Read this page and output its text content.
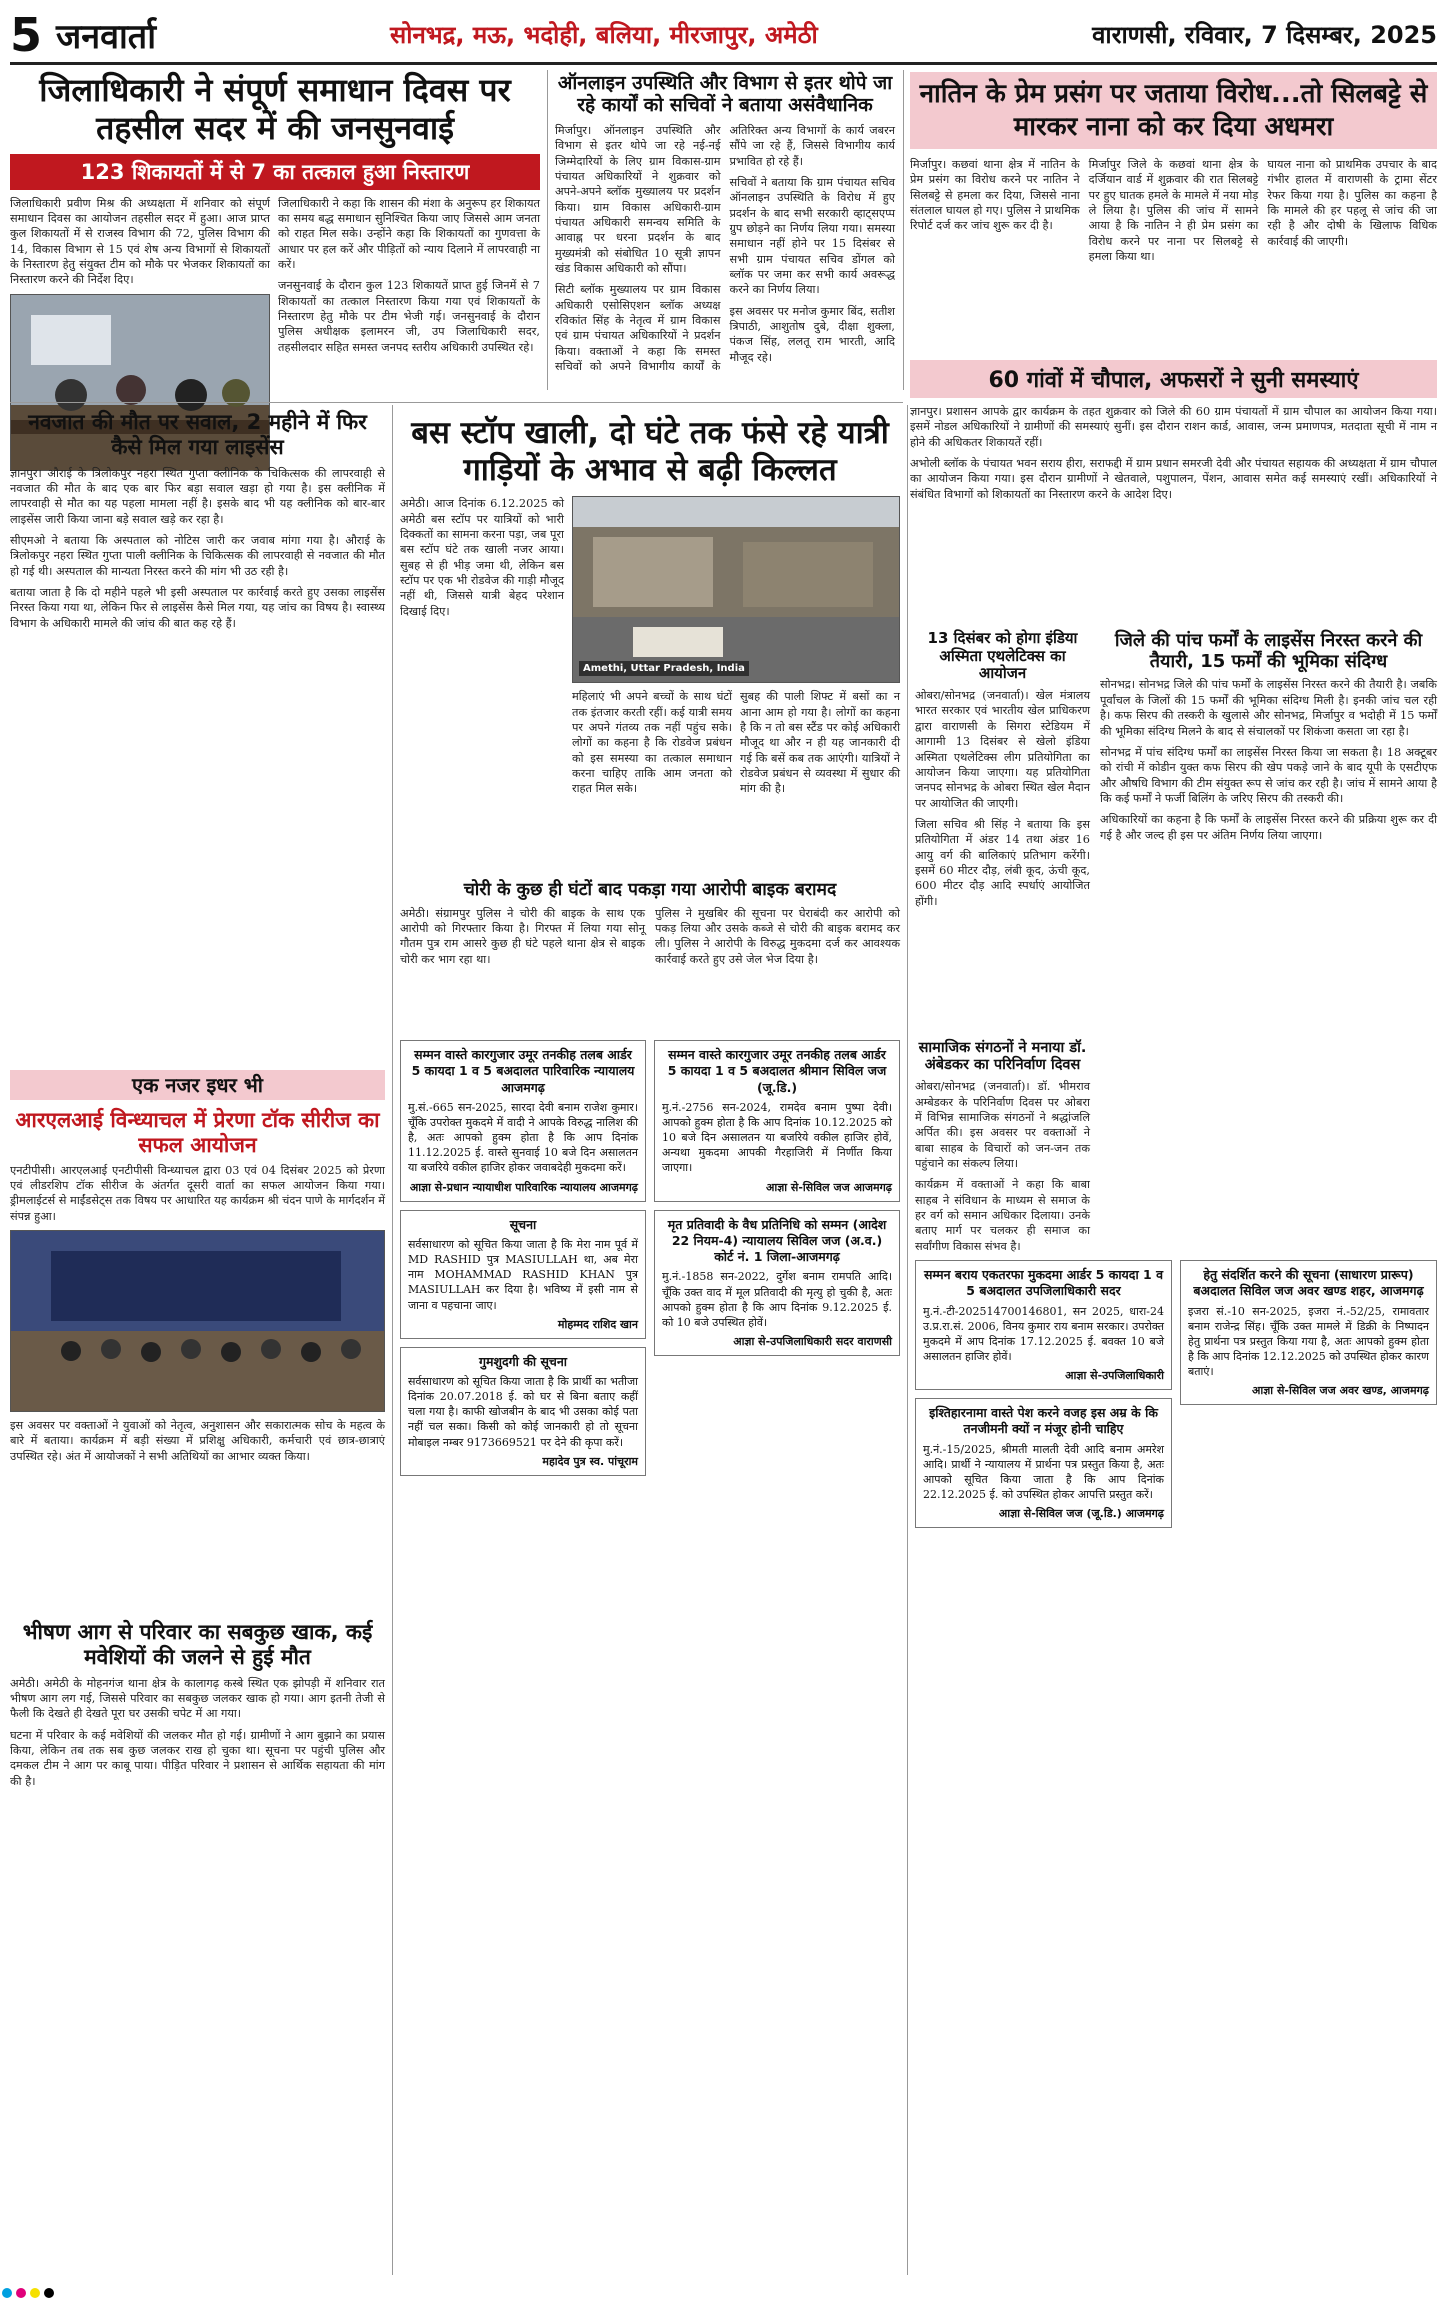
5 जनवार्ता	सोनभद्र, मऊ, भदोही, बलिया, मीरजापुर, अमेठी	वाराणसी, रविवार, 7 दिसम्बर, 2025
जिलाधिकारी ने संपूर्ण समाधान दिवस पर तहसील सदर में की जनसुनवाई
123 शिकायतों में से 7 का तत्काल हुआ निस्तारण

जिलाधिकारी प्रवीण मिश्र की अध्यक्षता में शनिवार को संपूर्ण समाधान दिवस का आयोजन तहसील सदर में हुआ। आज प्राप्त कुल शिकायतों में से राजस्व विभाग की 72, पुलिस विभाग की 14, विकास विभाग से 15 एवं शेष अन्य विभागों से शिकायतों के निस्तारण हेतु संयुक्त टीम को मौके पर भेजकर शिकायतों का निस्तारण करने की निर्देश दिए।

जिलाधिकारी ने कहा कि शासन की मंशा के अनुरूप हर शिकायत का समय बद्ध समाधान सुनिश्चित किया जाए जिससे आम जनता को राहत मिल सके। उन्होंने कहा कि शिकायतों का गुणवत्ता के आधार पर हल करें और पीड़ितों को न्याय दिलाने में लापरवाही ना करें।

जनसुनवाई के दौरान कुल 123 शिकायतें प्राप्त हुई जिनमें से 7 शिकायतों का तत्काल निस्तारण किया गया एवं शिकायतों के निस्तारण हेतु मौके पर टीम भेजी गई। जनसुनवाई के दौरान पुलिस अधीक्षक इलामरन जी, उप जिलाधिकारी सदर, तहसीलदार सहित समस्त जनपद स्तरीय अधिकारी उपस्थित रहे।

ऑनलाइन उपस्थिति और विभाग से इतर थोपे जा रहे कार्यों को सचिवों ने बताया असंवैधानिक

मिर्जापुर। ऑनलाइन उपस्थिति और विभाग से इतर थोपे जा रहे नई-नई जिम्मेदारियों के लिए ग्राम विकास-ग्राम पंचायत अधिकारियों ने शुक्रवार को अपने-अपने ब्लॉक मुख्यालय पर प्रदर्शन किया। ग्राम विकास अधिकारी-ग्राम पंचायत अधिकारी समन्वय समिति के आवाह्न पर धरना प्रदर्शन के बाद मुख्यमंत्री को संबोधित 10 सूत्री ज्ञापन खंड विकास अधिकारी को सौंपा।

सिटी ब्लॉक मुख्यालय पर ग्राम विकास अधिकारी एसोसिएशन ब्लॉक अध्यक्ष रविकांत सिंह के नेतृत्व में ग्राम विकास एवं ग्राम पंचायत अधिकारियों ने प्रदर्शन किया। वक्ताओं ने कहा कि समस्त सचिवों को अपने विभागीय कार्यों के अतिरिक्त अन्य विभागों के कार्य जबरन सौंपे जा रहे हैं, जिससे विभागीय कार्य प्रभावित हो रहे हैं।

सचिवों ने बताया कि ग्राम पंचायत सचिव ऑनलाइन उपस्थिति के विरोध में हुए प्रदर्शन के बाद सभी सरकारी व्हाट्सएप्प ग्रुप छोड़ने का निर्णय लिया गया। समस्या समाधान नहीं होने पर 15 दिसंबर से सभी ग्राम पंचायत सचिव डोंगल को ब्लॉक पर जमा कर सभी कार्य अवरूद्ध करने का निर्णय लिया।

इस अवसर पर मनोज कुमार बिंद, सतीश त्रिपाठी, आशुतोष दुबे, दीक्षा शुक्ला, पंकज सिंह, ललतू राम भारती, आदि मौजूद रहे।

नातिन के प्रेम प्रसंग पर जताया विरोध...तो सिलबट्टे से मारकर नाना को कर दिया अधमरा

मिर्जापुर। कछवां थाना क्षेत्र में नातिन के प्रेम प्रसंग का विरोध करने पर नातिन ने सिलबट्टे से हमला कर दिया, जिससे नाना संतलाल घायल हो गए। पुलिस ने प्राथमिक रिपोर्ट दर्ज कर जांच शुरू कर दी है।

मिर्जापुर जिले के कछवां थाना क्षेत्र के दर्जियान वार्ड में शुक्रवार की रात सिलबट्टे पर हुए घातक हमले के मामले में नया मोड़ ले लिया है। पुलिस की जांच में सामने आया है कि नातिन ने ही प्रेम प्रसंग का विरोध करने पर नाना पर सिलबट्टे से हमला किया था।

घायल नाना को प्राथमिक उपचार के बाद गंभीर हालत में वाराणसी के ट्रामा सेंटर रेफर किया गया है। पुलिस का कहना है कि मामले की हर पहलू से जांच की जा रही है और दोषी के खिलाफ विधिक कार्रवाई की जाएगी।

60 गांवों में चौपाल, अफसरों ने सुनी समस्याएं

ज्ञानपुर। प्रशासन आपके द्वार कार्यक्रम के तहत शुक्रवार को जिले की 60 ग्राम पंचायतों में ग्राम चौपाल का आयोजन किया गया। इसमें नोडल अधिकारियों ने ग्रामीणों की समस्याएं सुनीं। इस दौरान राशन कार्ड, आवास, जन्म प्रमाणपत्र, मतदाता सूची में नाम न होने की अधिकतर शिकायतें रहीं।

अभोली ब्लॉक के पंचायत भवन सराय हीरा, सराफद्दी में ग्राम प्रधान समरजी देवी और पंचायत सहायक की अध्यक्षता में ग्राम चौपाल का आयोजन किया गया। इस दौरान ग्रामीणों ने खेतवाले, पशुपालन, पेंशन, आवास समेत कई समस्याएं रखीं। अधिकारियों ने संबंधित विभागों को शिकायतों का निस्तारण करने के आदेश दिए।

नवजात की मौत पर सवाल, 2 महीने में फिर कैसे मिल गया लाइसेंस

ज्ञानपुर। औराई के त्रिलोकपुर नहरा स्थित गुप्ता क्लीनिक के चिकित्सक की लापरवाही से नवजात की मौत के बाद एक बार फिर बड़ा सवाल खड़ा हो गया है। इस क्लीनिक में लापरवाही से मौत का यह पहला मामला नहीं है। इसके बाद भी यह क्लीनिक को बार-बार लाइसेंस जारी किया जाना बड़े सवाल खड़े कर रहा है।

सीएमओ ने बताया कि अस्पताल को नोटिस जारी कर जवाब मांगा गया है। औराई के त्रिलोकपुर नहरा स्थित गुप्ता पाली क्लीनिक के चिकित्सक की लापरवाही से नवजात की मौत हो गई थी। अस्पताल की मान्यता निरस्त करने की मांग भी उठ रही है।

बताया जाता है कि दो महीने पहले भी इसी अस्पताल पर कार्रवाई करते हुए उसका लाइसेंस निरस्त किया गया था, लेकिन फिर से लाइसेंस कैसे मिल गया, यह जांच का विषय है। स्वास्थ्य विभाग के अधिकारी मामले की जांच की बात कह रहे हैं।

बस स्टॉप खाली, दो घंटे तक फंसे रहे यात्री गाड़ियों के अभाव से बढ़ी किल्लत

अमेठी। आज दिनांक 6.12.2025 को अमेठी बस स्टॉप पर यात्रियों को भारी दिक्कतों का सामना करना पड़ा, जब पूरा बस स्टॉप घंटे तक खाली नजर आया। सुबह से ही भीड़ जमा थी, लेकिन बस स्टॉप पर एक भी रोडवेज की गाड़ी मौजूद नहीं थी, जिससे यात्री बेहद परेशान दिखाई दिए।

Amethi, Uttar Pradesh, India

महिलाएं भी अपने बच्चों के साथ घंटों तक इंतजार करती रहीं। कई यात्री समय पर अपने गंतव्य तक नहीं पहुंच सके। लोगों का कहना है कि रोडवेज प्रबंधन को इस समस्या का तत्काल समाधान करना चाहिए ताकि आम जनता को राहत मिल सके।

सुबह की पाली शिफ्ट में बसों का न आना आम हो गया है। लोगों का कहना है कि न तो बस स्टैंड पर कोई अधिकारी मौजूद था और न ही यह जानकारी दी गई कि बसें कब तक आएंगी। यात्रियों ने रोडवेज प्रबंधन से व्यवस्था में सुधार की मांग की है।

13 दिसंबर को होगा इंडिया अस्मिता एथलेटिक्स का आयोजन

ओबरा/सोनभद्र (जनवार्ता)। खेल मंत्रालय भारत सरकार एवं भारतीय खेल प्राधिकरण द्वारा वाराणसी के सिगरा स्टेडियम में आगामी 13 दिसंबर से खेलो इंडिया अस्मिता एथलेटिक्स लीग प्रतियोगिता का आयोजन किया जाएगा। यह प्रतियोगिता जनपद सोनभद्र के ओबरा स्थित खेल मैदान पर आयोजित की जाएगी।

जिला सचिव श्री सिंह ने बताया कि इस प्रतियोगिता में अंडर 14 तथा अंडर 16 आयु वर्ग की बालिकाएं प्रतिभाग करेंगी। इसमें 60 मीटर दौड़, लंबी कूद, ऊंची कूद, 600 मीटर दौड़ आदि स्पर्धाएं आयोजित होंगी।

जिले की पांच फर्मों के लाइसेंस निरस्त करने की तैयारी, 15 फर्मों की भूमिका संदिग्ध

सोनभद्र। सोनभद्र जिले की पांच फर्मों के लाइसेंस निरस्त करने की तैयारी है। जबकि पूर्वांचल के जिलों की 15 फर्मों की भूमिका संदिग्ध मिली है। इनकी जांच चल रही है। कफ सिरप की तस्करी के खुलासे और सोनभद्र, मिर्जापुर व भदोही में 15 फर्मों की भूमिका संदिग्ध मिलने के बाद से संचालकों पर शिकंजा कसता जा रहा है।

सोनभद्र में पांच संदिग्ध फर्मों का लाइसेंस निरस्त किया जा सकता है। 18 अक्टूबर को रांची में कोडीन युक्त कफ सिरप की खेप पकड़े जाने के बाद यूपी के एसटीएफ और औषधि विभाग की टीम संयुक्त रूप से जांच कर रही है। जांच में सामने आया है कि कई फर्मों ने फर्जी बिलिंग के जरिए सिरप की तस्करी की।

अधिकारियों का कहना है कि फर्मों के लाइसेंस निरस्त करने की प्रक्रिया शुरू कर दी गई है और जल्द ही इस पर अंतिम निर्णय लिया जाएगा।

सामाजिक संगठनों ने मनाया डॉ. अंबेडकर का परिनिर्वाण दिवस

ओबरा/सोनभद्र (जनवार्ता)। डॉ. भीमराव अम्बेडकर के परिनिर्वाण दिवस पर ओबरा में विभिन्न सामाजिक संगठनों ने श्रद्धांजलि अर्पित की। इस अवसर पर वक्ताओं ने बाबा साहब के विचारों को जन-जन तक पहुंचाने का संकल्प लिया।

कार्यक्रम में वक्ताओं ने कहा कि बाबा साहब ने संविधान के माध्यम से समाज के हर वर्ग को समान अधिकार दिलाया। उनके बताए मार्ग पर चलकर ही समाज का सर्वांगीण विकास संभव है।

एक नजर इधर भी
आरएलआई विन्ध्याचल में प्रेरणा टॉक सीरीज का सफल आयोजन

एनटीपीसी। आरएलआई एनटीपीसी विन्ध्याचल द्वारा 03 एवं 04 दिसंबर 2025 को प्रेरणा एवं लीडरशिप टॉक सीरीज के अंतर्गत दूसरी वार्ता का सफल आयोजन किया गया। ड्रीमलाईटर्स से माईंडसेट्स तक विषय पर आधारित यह कार्यक्रम श्री चंदन पाणे के मार्गदर्शन में संपन्न हुआ।

इस अवसर पर वक्ताओं ने युवाओं को नेतृत्व, अनुशासन और सकारात्मक सोच के महत्व के बारे में बताया। कार्यक्रम में बड़ी संख्या में प्रशिक्षु अधिकारी, कर्मचारी एवं छात्र-छात्राएं उपस्थित रहे। अंत में आयोजकों ने सभी अतिथियों का आभार व्यक्त किया।

भीषण आग से परिवार का सबकुछ खाक, कई मवेशियों की जलने से हुई मौत

अमेठी। अमेठी के मोहनगंज थाना क्षेत्र के कालागढ़ कस्बे स्थित एक झोपड़ी में शनिवार रात भीषण आग लग गई, जिससे परिवार का सबकुछ जलकर खाक हो गया। आग इतनी तेजी से फैली कि देखते ही देखते पूरा घर उसकी चपेट में आ गया।

घटना में परिवार के कई मवेशियों की जलकर मौत हो गई। ग्रामीणों ने आग बुझाने का प्रयास किया, लेकिन तब तक सब कुछ जलकर राख हो चुका था। सूचना पर पहुंची पुलिस और दमकल टीम ने आग पर काबू पाया। पीड़ित परिवार ने प्रशासन से आर्थिक सहायता की मांग की है।

चोरी के कुछ ही घंटों बाद पकड़ा गया आरोपी बाइक बरामद

अमेठी। संग्रामपुर पुलिस ने चोरी की बाइक के साथ एक आरोपी को गिरफ्तार किया है। गिरफ्त में लिया गया सोनू गौतम पुत्र राम आसरे कुछ ही घंटे पहले थाना क्षेत्र से बाइक चोरी कर भाग रहा था।

पुलिस ने मुखबिर की सूचना पर घेराबंदी कर आरोपी को पकड़ लिया और उसके कब्जे से चोरी की बाइक बरामद कर ली। पुलिस ने आरोपी के विरुद्ध मुकदमा दर्ज कर आवश्यक कार्रवाई करते हुए उसे जेल भेज दिया है।

सम्मन वास्ते कारगुजार उमूर तनकीह तलब आर्डर 5 कायदा 1 व 5 बअदालत पारिवारिक न्यायालय आजमगढ़

मु.सं.-665 सन-2025, सारदा देवी बनाम राजेश कुमार। चूँकि उपरोक्त मुकदमे में वादी ने आपके विरुद्ध नालिश की है, अतः आपको हुक्म होता है कि आप दिनांक 11.12.2025 ई. वास्ते सुनवाई 10 बजे दिन असालतन या बजरिये वकील हाजिर होकर जवाबदेही मुकदमा करें।

आज्ञा से-प्रधान न्यायाधीश पारिवारिक न्यायालय आजमगढ़
सूचना

सर्वसाधारण को सूचित किया जाता है कि मेरा नाम पूर्व में MD RASHID पुत्र MASIULLAH था, अब मेरा नाम MOHAMMAD RASHID KHAN पुत्र MASIULLAH कर दिया है। भविष्य में इसी नाम से जाना व पहचाना जाए।

मोहम्मद राशिद खान
गुमशुदगी की सूचना

सर्वसाधारण को सूचित किया जाता है कि प्रार्थी का भतीजा दिनांक 20.07.2018 ई. को घर से बिना बताए कहीं चला गया है। काफी खोजबीन के बाद भी उसका कोई पता नहीं चल सका। किसी को कोई जानकारी हो तो सूचना मोबाइल नम्बर 9173669521 पर देने की कृपा करें।

महादेव पुत्र स्व. पांचूराम
सम्मन वास्ते कारगुजार उमूर तनकीह तलब आर्डर 5 कायदा 1 व 5 बअदालत श्रीमान सिविल जज (जू.डि.)

मु.नं.-2756 सन-2024, रामदेव बनाम पुष्पा देवी। आपको हुक्म होता है कि आप दिनांक 10.12.2025 को 10 बजे दिन असालतन या बजरिये वकील हाजिर होवें, अन्यथा मुकदमा आपकी गैरहाजिरी में निर्णीत किया जाएगा।

आज्ञा से-सिविल जज आजमगढ़
मृत प्रतिवादी के वैध प्रतिनिधि को सम्मन (आदेश 22 नियम-4) न्यायालय सिविल जज (अ.व.) कोर्ट नं. 1 जिला-आजमगढ़

मु.नं.-1858 सन-2022, दुर्गेश बनाम रामपति आदि। चूँकि उक्त वाद में मूल प्रतिवादी की मृत्यु हो चुकी है, अतः आपको हुक्म होता है कि आप दिनांक 9.12.2025 ई. को 10 बजे उपस्थित होवें।

आज्ञा से-उपजिलाधिकारी सदर वाराणसी
सम्मन बराय एकतरफा मुकदमा आर्डर 5 कायदा 1 व 5 बअदालत उपजिलाधिकारी सदर

मु.नं.-टी-202514700146801, सन 2025, धारा-24 उ.प्र.रा.सं. 2006, विनय कुमार राय बनाम सरकार। उपरोक्त मुकदमे में आप दिनांक 17.12.2025 ई. बवक्त 10 बजे असालतन हाजिर होवें।

आज्ञा से-उपजिलाधिकारी
इश्तिहारनामा वास्ते पेश करने वजह इस अम्र के कि तनजीमनी क्यों न मंजूर होनी चाहिए

मु.नं.-15/2025, श्रीमती मालती देवी आदि बनाम अमरेश आदि। प्रार्थी ने न्यायालय में प्रार्थना पत्र प्रस्तुत किया है, अतः आपको सूचित किया जाता है कि आप दिनांक 22.12.2025 ई. को उपस्थित होकर आपत्ति प्रस्तुत करें।

आज्ञा से-सिविल जज (जू.डि.) आजमगढ़
हेतु संदर्शित करने की सूचना (साधारण प्रारूप) बअदालत सिविल जज अवर खण्ड शहर, आजमगढ़

इजरा सं.-10 सन-2025, इजरा नं.-52/25, रामावतार बनाम राजेन्द्र सिंह। चूँकि उक्त मामले में डिक्री के निष्पादन हेतु प्रार्थना पत्र प्रस्तुत किया गया है, अतः आपको हुक्म होता है कि आप दिनांक 12.12.2025 को उपस्थित होकर कारण बताएं।

आज्ञा से-सिविल जज अवर खण्ड, आजमगढ़
